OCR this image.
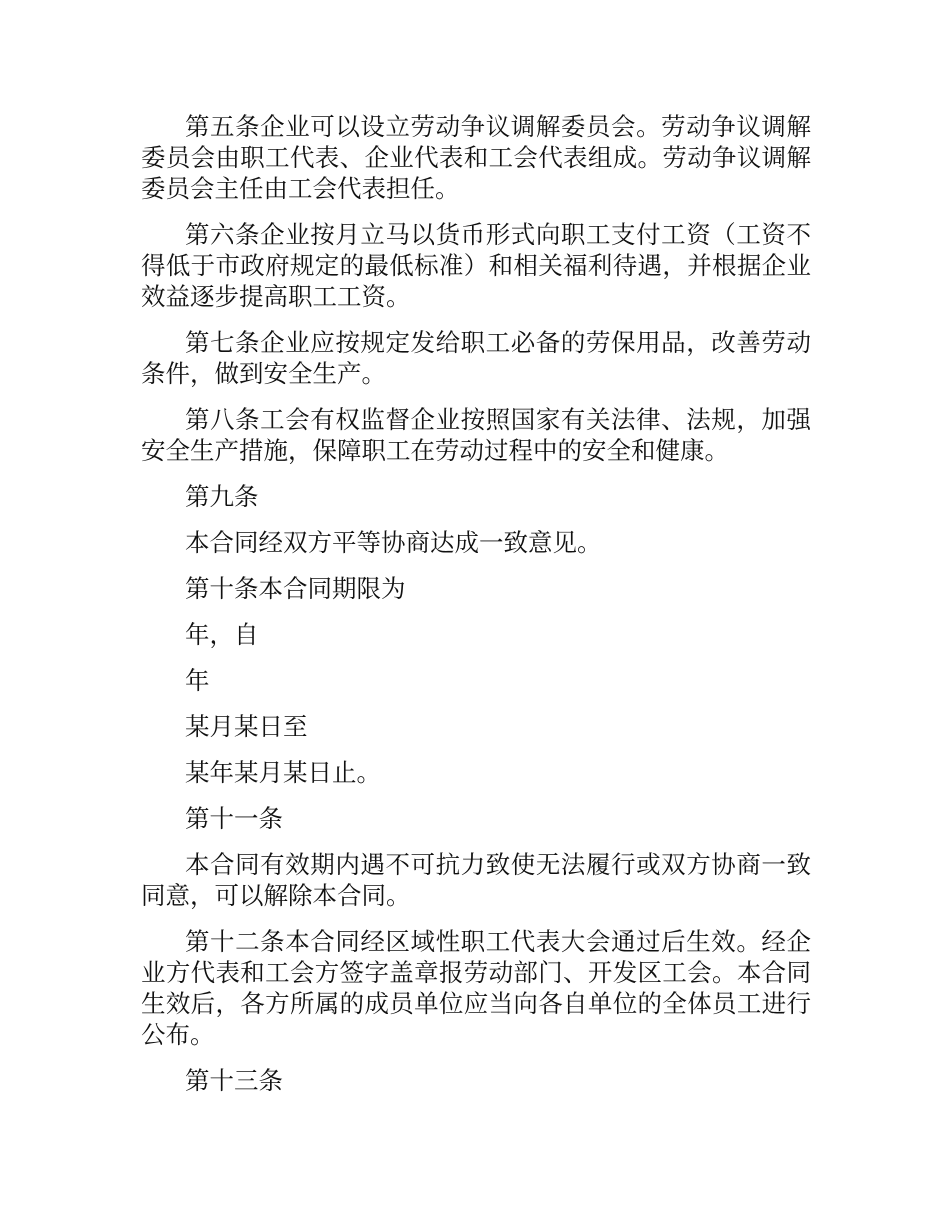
第五条企业可以设立劳动争议调解委员会。劳动争议调解委员会由职工代表、企业代表和工会代表组成。劳动争议调解委员会主任由工会代表担任。

第六条企业按月立马以货币形式向职工支付工资（工资不得低于市政府规定的最低标准）和相关福利待遇，并根据企业效益逐步提高职工工资。

第七条企业应按规定发给职工必备的劳保用品，改善劳动条件，做到安全生产。

第八条工会有权监督企业按照国家有关法律、法规，加强安全生产措施，保障职工在劳动过程中的安全和健康。

第九条

本合同经双方平等协商达成一致意见。

第十条本合同期限为

年，自

年

某月某日至

某年某月某日止。

第十一条

本合同有效期内遇不可抗力致使无法履行或双方协商一致同意，可以解除本合同。

第十二条本合同经区域性职工代表大会通过后生效。经企业方代表和工会方签字盖章报劳动部门、开发区工会。本合同生效后，各方所属的成员单位应当向各自单位的全体员工进行公布。

第十三条
